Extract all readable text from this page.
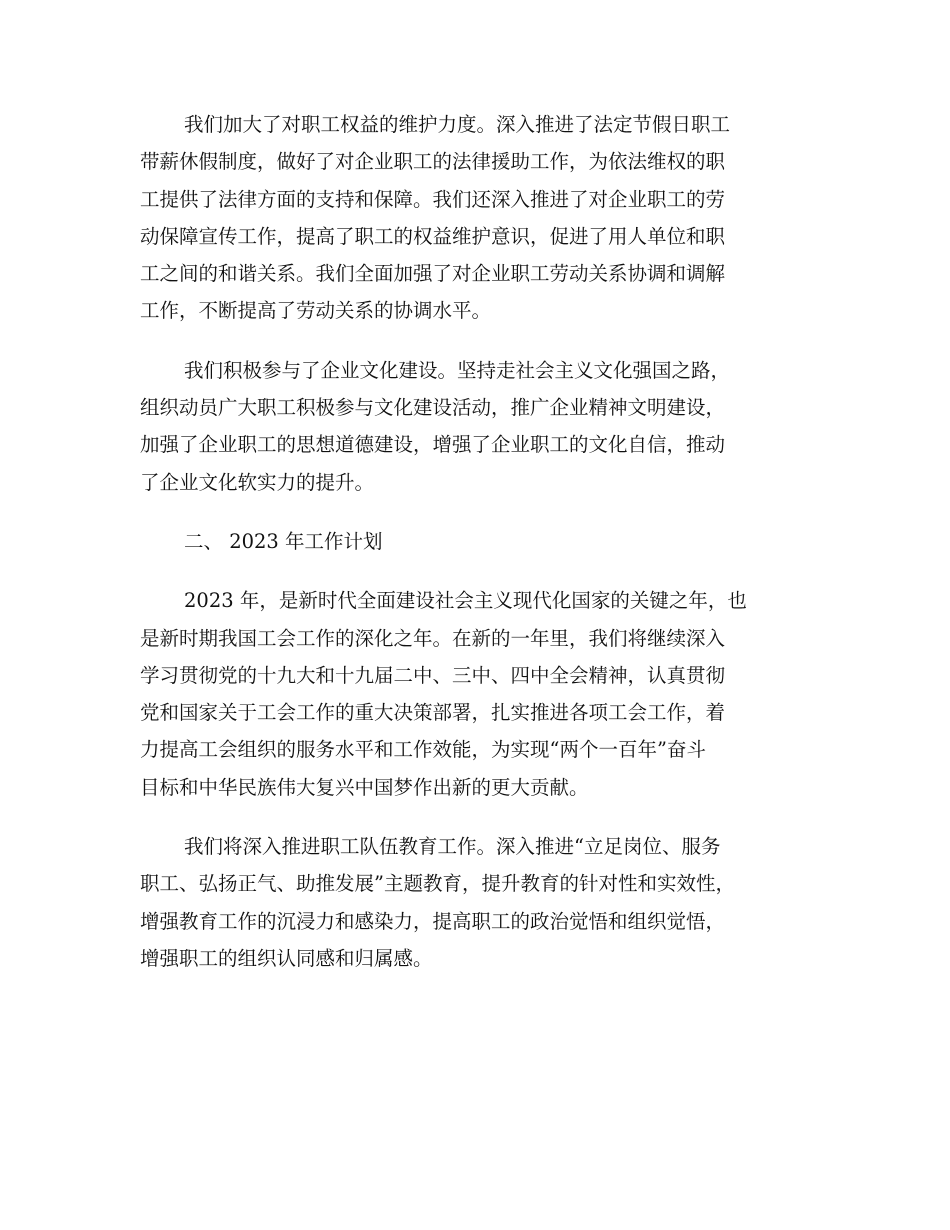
我们加大了对职工权益的维护力度。深入推进了法定节假日职工
带薪休假制度，做好了对企业职工的法律援助工作，为依法维权的职
工提供了法律方面的支持和保障。我们还深入推进了对企业职工的劳
动保障宣传工作，提高了职工的权益维护意识，促进了用人单位和职
工之间的和谐关系。我们全面加强了对企业职工劳动关系协调和调解
工作，不断提高了劳动关系的协调水平。

我们积极参与了企业文化建设。坚持走社会主义文化强国之路，
组织动员广大职工积极参与文化建设活动，推广企业精神文明建设，
加强了企业职工的思想道德建设，增强了企业职工的文化自信，推动
了企业文化软实力的提升。

二、 2023 年工作计划

2023 年，是新时代全面建设社会主义现代化国家的关键之年，也
是新时期我国工会工作的深化之年。在新的一年里，我们将继续深入
学习贯彻党的十九大和十九届二中、三中、四中全会精神，认真贯彻
党和国家关于工会工作的重大决策部署，扎实推进各项工会工作，着
力提高工会组织的服务水平和工作效能，为实现“两个一百年”奋斗
目标和中华民族伟大复兴中国梦作出新的更大贡献。

我们将深入推进职工队伍教育工作。深入推进“立足岗位、服务
职工、弘扬正气、助推发展”主题教育，提升教育的针对性和实效性，
增强教育工作的沉浸力和感染力，提高职工的政治觉悟和组织觉悟，
增强职工的组织认同感和归属感。
